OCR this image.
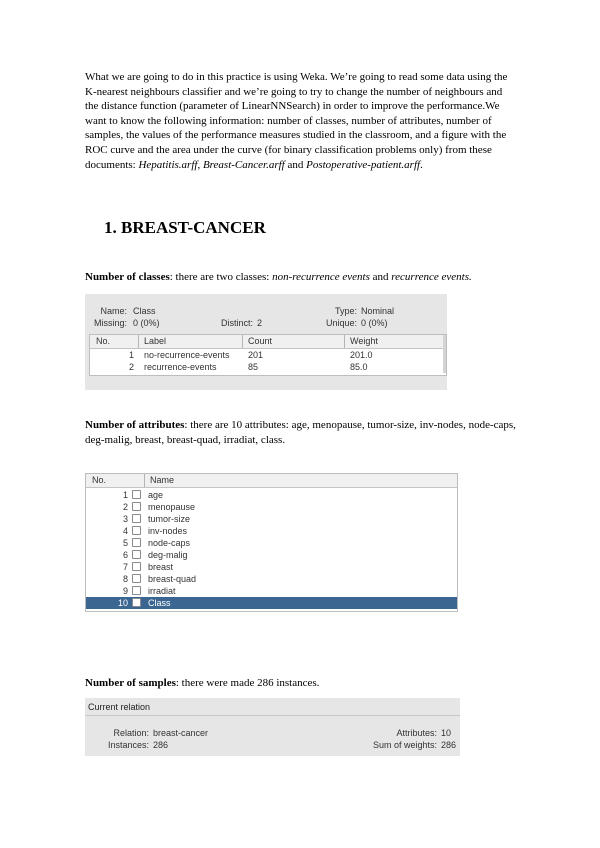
What we are going to do in this practice is using Weka. We’re going to read some data using the K-nearest neighbours classifier and we’re going to try to change the number of neighbours and the distance function (parameter of LinearNNSearch) in order to improve the performance.We want to know the following information: number of classes, number of attributes, number of samples, the values of the performance measures studied in the classroom, and a figure with the ROC curve and the area under the curve (for binary classification problems only) from these documents: Hepatitis.arff, Breast-Cancer.arff and Postoperative-patient.arff.
1. BREAST-CANCER

Number of classes: there are two classes: non-recurrence events and recurrence events.

Name: Class
Missing: 0 (0%)	Distinct: 2
Type: Nominal
Unique: 0 (0%)
No.	Label	Count	Weight
1 no-recurrence-events 201	201.0
2 recurrence-events	85	85.0

Number of attributes: there are 10 attributes: age, menopause, tumor-size, inv-nodes, node-caps, deg-malig, breast, breast-quad, irradiat, class.

No.	Name
1 age
2 menopause
3 tumor-size
4 inv-nodes
5 node-caps
6 deg-malig
7 breast
8 breast-quad
9 irradiat
10 Class

Number of samples: there were made 286 instances.

Current relation
Relation: breast-cancer
Instances: 286
Attributes: 10
Sum of weights: 286
